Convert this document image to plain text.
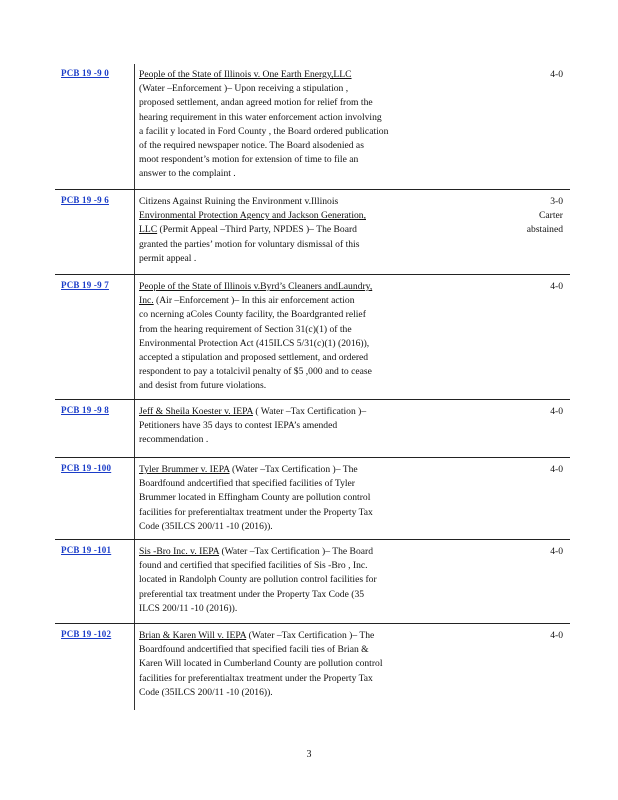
PCB 19 -9 0	People of the State of Illinois v. One Earth Energy,LLC
(Water –Enforcement )– Upon receiving a stipulation ,
proposed settlement, andan agreed motion for relief from the
hearing requirement in this water enforcement action involving
a facilit y located in Ford County , the Board ordered publication
of the required newspaper notice. The Board alsodenied as
moot respondent’s motion for extension of time to file an
answer to the complaint .
4-0
PCB 19 -9 6	Citizens Against Ruining the Environment v.Illinois
Environmental Protection Agency and Jackson Generation,
LLC (Permit Appeal –Third Party, NPDES )– The Board
granted the parties’ motion for voluntary dismissal of this
permit appeal .
3-0
Carter
abstained
PCB 19 -9 7	People of the State of Illinois v.Byrd’s Cleaners andLaundry,
Inc. (Air –Enforcement )– In this air enforcement action
co ncerning aColes County facility, the Boardgranted relief
from the hearing requirement of Section 31(c)(1) of the
Environmental Protection Act (415ILCS 5/31(c)(1) (2016)),
accepted a stipulation and proposed settlement, and ordered
respondent to pay a totalcivil penalty of $5 ,000 and to cease
and desist from future violations.
4-0
PCB 19 -9 8	Jeff & Sheila Koester v. IEPA ( Water –Tax Certification )–
Petitioners have 35 days to contest IEPA’s amended
recommendation .
4-0
PCB 19 -100	Tyler Brummer v. IEPA (Water –Tax Certification )– The
Boardfound andcertified that specified facilities of Tyler
Brummer located in Effingham County are pollution control
facilities for preferentialtax treatment under the Property Tax
Code (35ILCS 200/11 -10 (2016)).
4-0
PCB 19 -101	Sis -Bro Inc. v. IEPA (Water –Tax Certification )– The Board
found and certified that specified facilities of Sis -Bro , Inc.
located in Randolph County are pollution control facilities for
preferential tax treatment under the Property Tax Code (35
ILCS 200/11 -10 (2016)).
4-0
PCB 19 -102	Brian & Karen Will v. IEPA (Water –Tax Certification )– The
Boardfound andcertified that specified facili ties of Brian &
Karen Will located in Cumberland County are pollution control
facilities for preferentialtax treatment under the Property Tax
Code (35ILCS 200/11 -10 (2016)).
4-0
3
